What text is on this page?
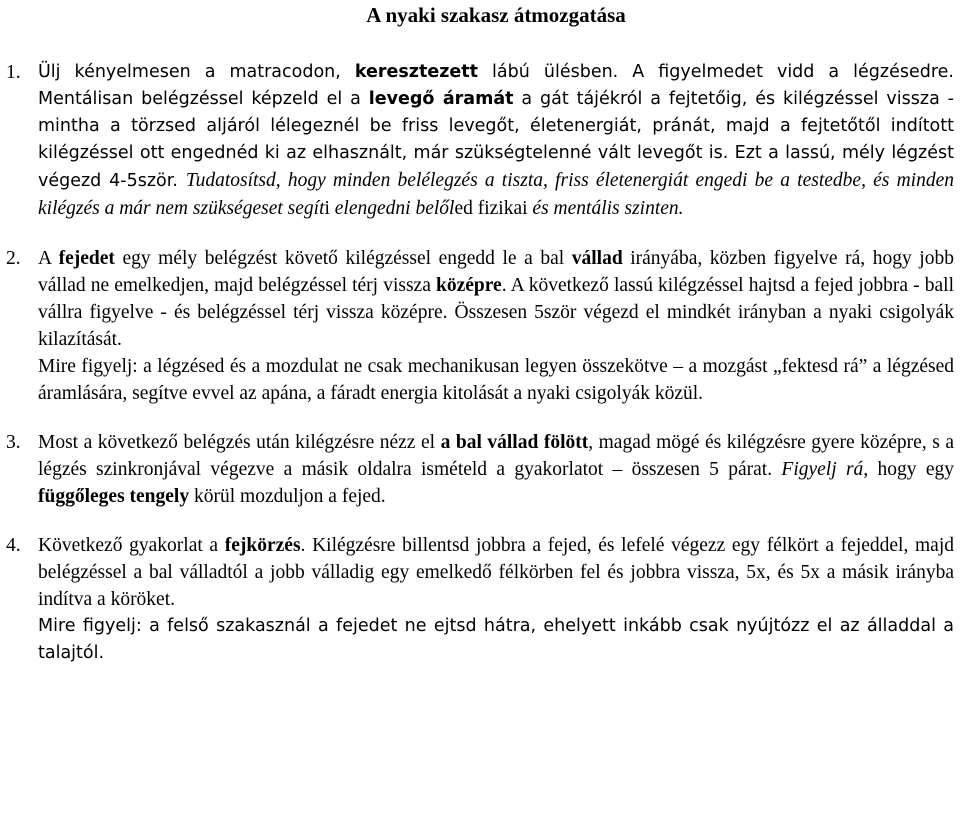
A nyaki szakasz átmozgatása
1. Ülj kényelmesen a matracodon, keresztezett lábú ülésben. A figyelmedet vidd a légzésedre. Mentálisan belégzéssel képzeld el a levegő áramát a gát tájékról a fejtetőig, és kilégzéssel vissza - mintha a törzsed aljáról lélegeznél be friss levegőt, életenergiát, pránát, majd a fejtetőtől indított kilégzéssel ott engednéd ki az elhasznált, már szükségtelenné vált levegőt is. Ezt a lassú, mély légzést végezd 4-5ször. Tudatosítsd, hogy minden belélegzés a tiszta, friss életenergiát engedi be a testedbe, és minden kilégzés a már nem szükségeset segíti elengedni belőled fizikai és mentális szinten.

2. A fejedet egy mély belégzést követő kilégzéssel engedd le a bal vállad irányába, közben figyelve rá, hogy jobb vállad ne emelkedjen, majd belégzéssel térj vissza középre. A következő lassú kilégzéssel hajtsd a fejed jobbra - ball vállra figyelve - és belégzéssel térj vissza középre. Összesen 5ször végezd el mindkét irányban a nyaki csigolyák kilazítását.

Mire figyelj: a légzésed és a mozdulat ne csak mechanikusan legyen összekötve – a mozgást „fektesd rá” a légzésed áramlására, segítve evvel az apána, a fáradt energia kitolását a nyaki csigolyák közül.

3. Most a következő belégzés után kilégzésre nézz el a bal vállad fölött, magad mögé és kilégzésre gyere középre, s a légzés szinkronjával végezve a másik oldalra ismételd a gyakorlatot – összesen 5 párat. Figyelj rá, hogy egy függőleges tengely körül mozduljon a fejed.

4. Következő gyakorlat a fejkörzés. Kilégzésre billentsd jobbra a fejed, és lefelé végezz egy félkört a fejeddel, majd belégzéssel a bal válladtól a jobb válladig egy emelkedő félkörben fel és jobbra vissza, 5x, és 5x a másik irányba indítva a köröket.

Mire figyelj: a felső szakasznál a fejedet ne ejtsd hátra, ehelyett inkább csak nyújtózz el az álladdal a talajtól.
